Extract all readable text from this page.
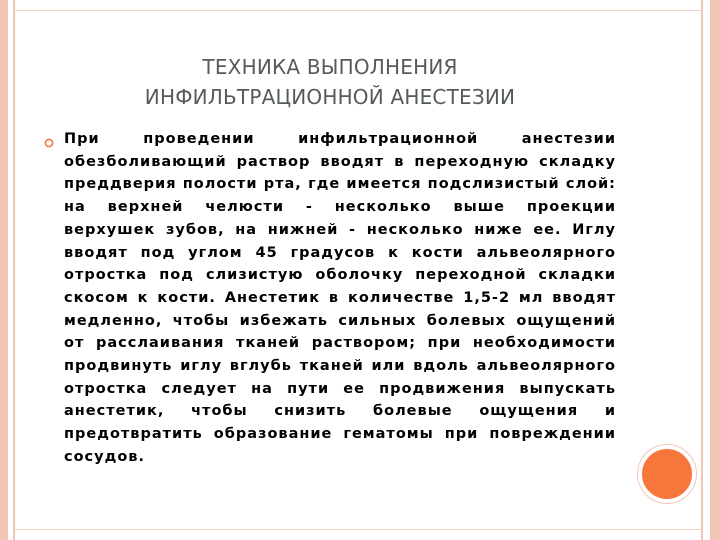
ТЕХНИКА ВЫПОЛНЕНИЯ
ИНФИЛЬТРАЦИОННОЙ АНЕСТЕЗИИ

При проведении инфильтрационной анестезии обезболивающий раствор вводят в переходную складку преддверия полости рта, где имеется подслизистый слой: на верхней челюсти - несколько выше проекции верхушек зубов, на нижней - несколько ниже ее. Иглу вводят под углом 45 градусов к кости альвеолярного отростка под слизистую оболочку переходной складки скосом к кости. Анестетик в количестве 1,5-2 мл вводят медленно, чтобы избежать сильных болевых ощущений от расслаивания тканей раствором; при необходимости продвинуть иглу вглубь тканей или вдоль альвеолярного отростка следует на пути ее продвижения выпускать анестетик, чтобы снизить болевые ощущения и предотвратить образование гематомы при повреждении сосудов.
